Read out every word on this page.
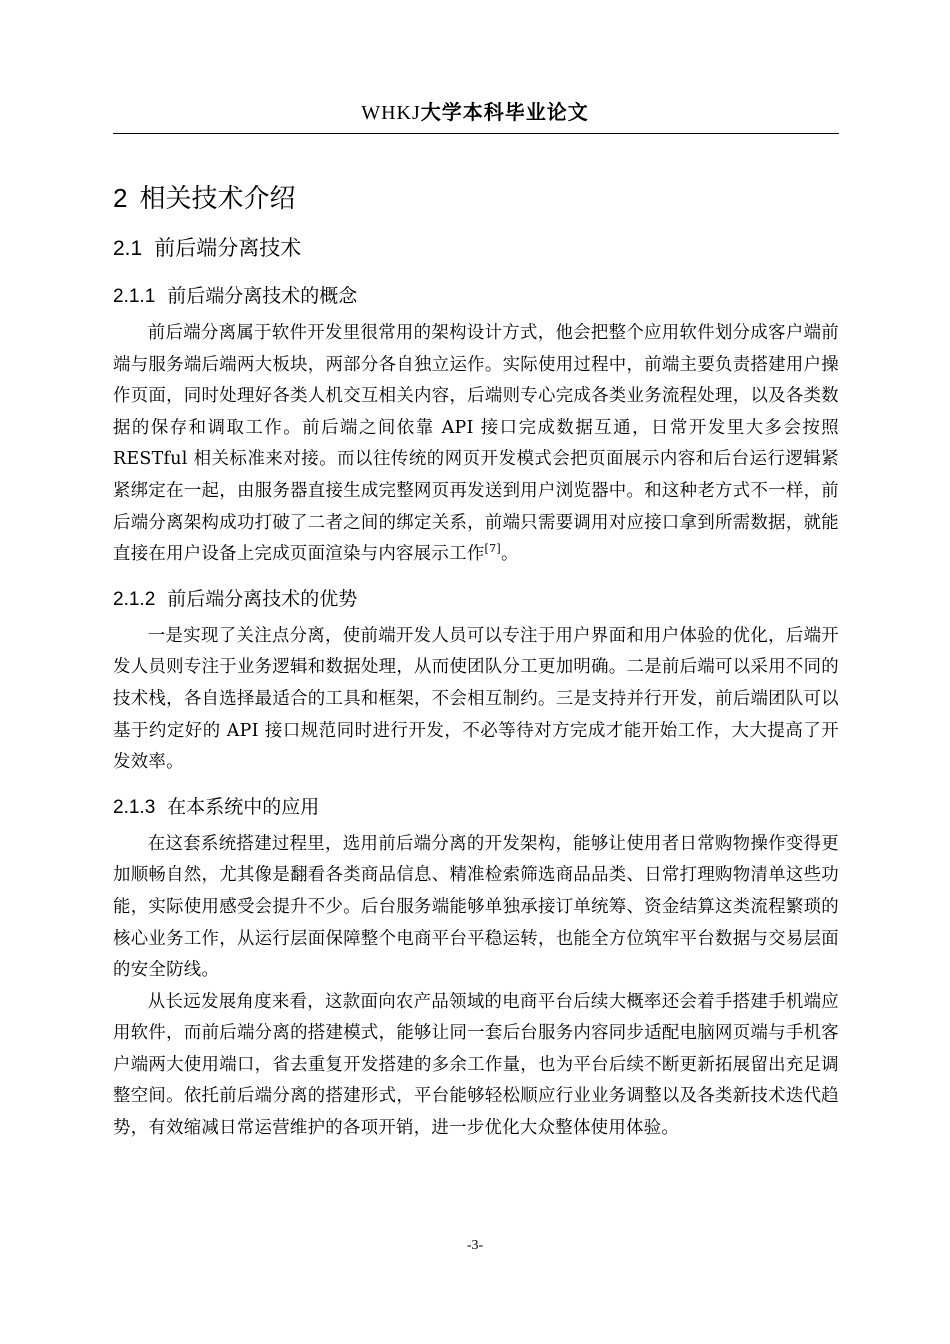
WHKJ大学本科毕业论文
2 相关技术介绍
2.1 前后端分离技术
2.1.1 前后端分离技术的概念

前后端分离属于软件开发里很常用的架构设计方式，他会把整个应用软件划分成客户端前端与服务端后端两大板块，两部分各自独立运作。实际使用过程中，前端主要负责搭建用户操作页面，同时处理好各类人机交互相关内容，后端则专心完成各类业务流程处理，以及各类数据的保存和调取工作。前后端之间依靠 API 接口完成数据互通，日常开发里大多会按照 RESTful 相关标准来对接。而以往传统的网页开发模式会把页面展示内容和后台运行逻辑紧紧绑定在一起，由服务器直接生成完整网页再发送到用户浏览器中。和这种老方式不一样，前后端分离架构成功打破了二者之间的绑定关系，前端只需要调用对应接口拿到所需数据，就能直接在用户设备上完成页面渲染与内容展示工作[7]。

2.1.2 前后端分离技术的优势

一是实现了关注点分离，使前端开发人员可以专注于用户界面和用户体验的优化，后端开发人员则专注于业务逻辑和数据处理，从而使团队分工更加明确。二是前后端可以采用不同的技术栈，各自选择最适合的工具和框架，不会相互制约。三是支持并行开发，前后端团队可以基于约定好的 API 接口规范同时进行开发，不必等待对方完成才能开始工作，大大提高了开发效率。

2.1.3 在本系统中的应用

在这套系统搭建过程里，选用前后端分离的开发架构，能够让使用者日常购物操作变得更加顺畅自然，尤其像是翻看各类商品信息、精准检索筛选商品品类、日常打理购物清单这些功能，实际使用感受会提升不少。后台服务端能够单独承接订单统筹、资金结算这类流程繁琐的核心业务工作，从运行层面保障整个电商平台平稳运转，也能全方位筑牢平台数据与交易层面的安全防线。

从长远发展角度来看，这款面向农产品领域的电商平台后续大概率还会着手搭建手机端应用软件，而前后端分离的搭建模式，能够让同一套后台服务内容同步适配电脑网页端与手机客户端两大使用端口，省去重复开发搭建的多余工作量，也为平台后续不断更新拓展留出充足调整空间。依托前后端分离的搭建形式，平台能够轻松顺应行业业务调整以及各类新技术迭代趋势，有效缩减日常运营维护的各项开销，进一步优化大众整体使用体验。

-3-
